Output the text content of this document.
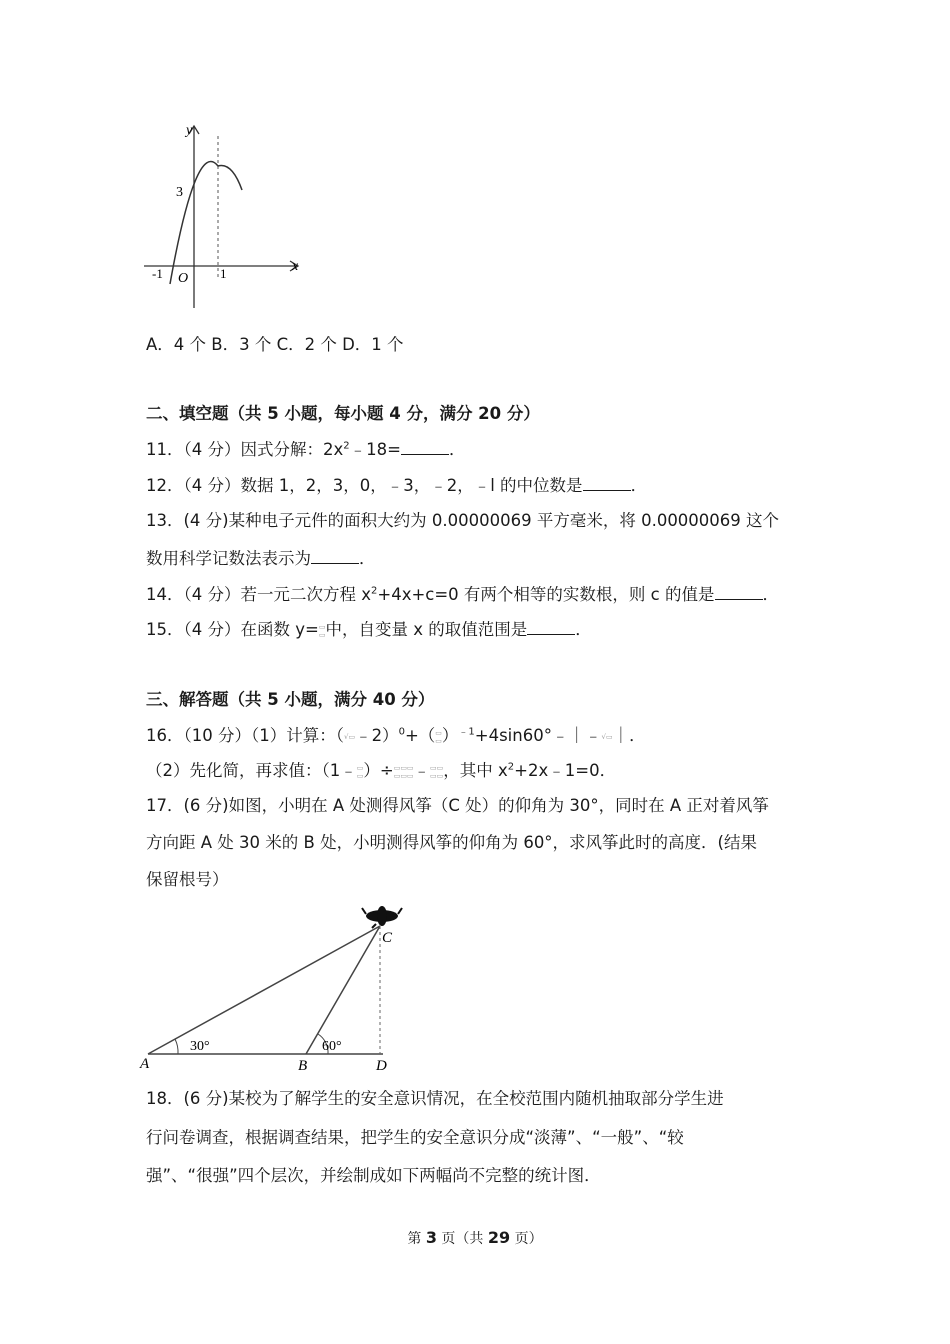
y
x
3
-1 O 1
A．4 个 B．3 个 C．2 个 D．1 个
二、填空题（共 5 小题，每小题 4 分，满分 20 分）
11．（4 分）因式分解：$2x^2﹣18=$	．
12．（4 分）数据 1，2，3，0，﹣3，﹣2，﹣l 的中位数是	．
13．(4 分)某种电子元件的面积大约为 0.00000069 平方毫米，将 0.00000069 这个
数用科学记数法表示为	．
14．（4 分）若一元二次方程 $x^2+4x+c=0$ 有两个相等的实数根，则 c 的值是	．
15．（4 分）在函数 y=▭
▭中，自变量 x 的取值范围是	．
三、解答题（共 5 小题，满分 40 分）
16．（10 分）（1）计算：（√▭﹣2）$^0$+（▭
▭）$^{﹣1}$+4sin60°﹣｜﹣√▭｜．
（2）先化简，再求值：（1﹣▭
▭）÷▭▭▭
▭▭▭﹣▭▭
▭▭，其中 $x^2+2x﹣1=0$．
17．(6 分)如图，小明在 A 处测得风筝（C 处）的仰角为 30°，同时在 A 正对着风筝
方向距 A 处 30 米的 B 处，小明测得风筝的仰角为 60°，求风筝此时的高度．(结果
保留根号）
A	B
C
D
30°	60°
18．(6 分)某校为了解学生的安全意识情况，在全校范围内随机抽取部分学生进
行问卷调查，根据调查结果，把学生的安全意识分成“淡薄”、“一般”、“较
强”、“很强”四个层次，并绘制成如下两幅尚不完整的统计图．
第 3 页（共 29 页）
